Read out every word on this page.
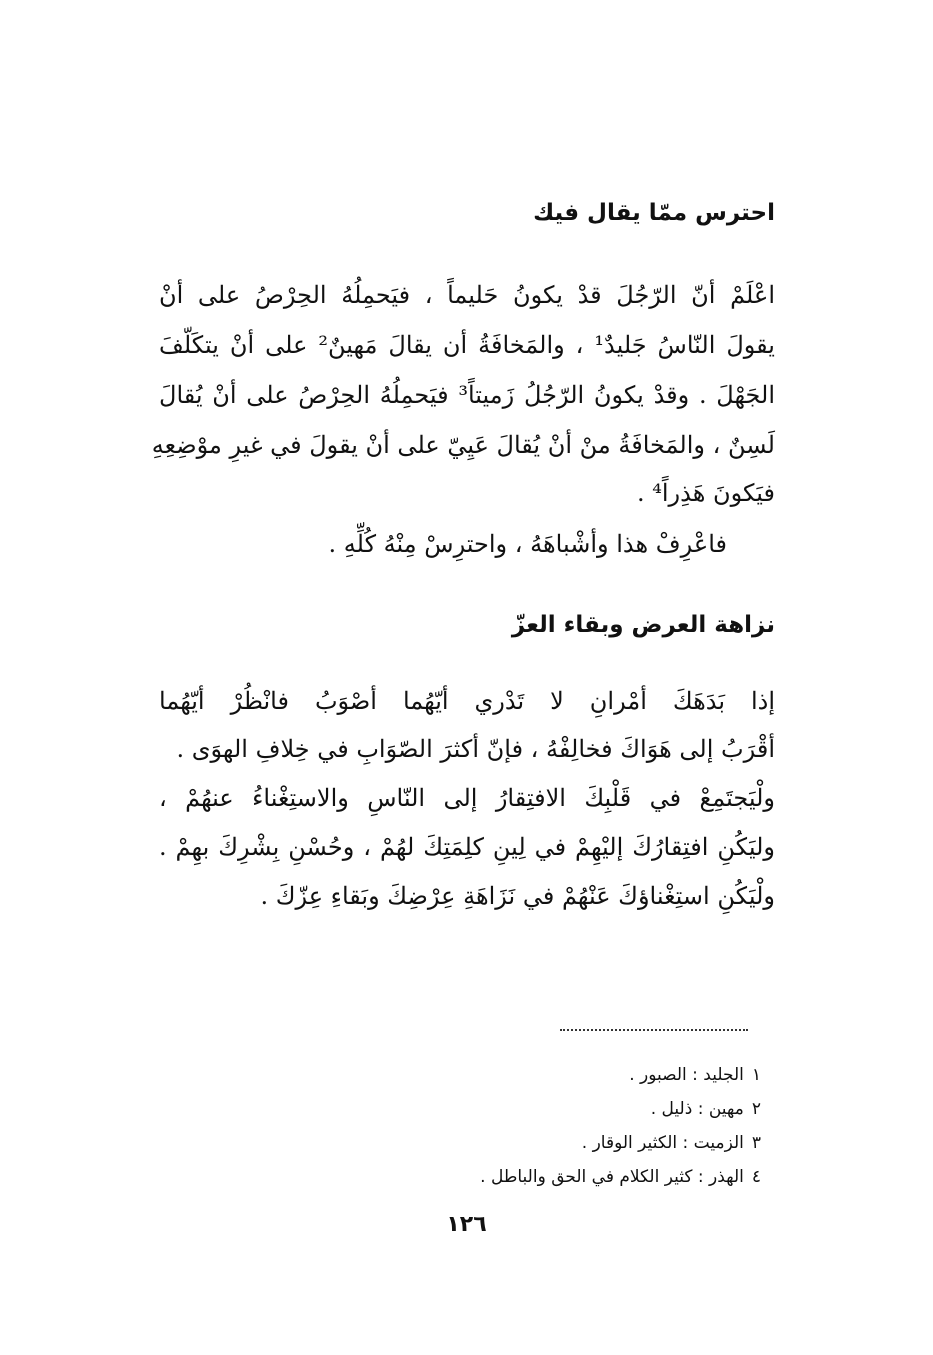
احترس ممّا يقال فيك

اعْلَمْ أنّ الرّجُلَ قدْ يكونُ حَليماً ، فيَحمِلُهُ الحِرْصُ على أنْ

يقولَ النّاسُ جَليدٌ¹ ، والمَخافَةُ أن يقالَ مَهينٌ² على أنْ يتكَلّفَ

الجَهْلَ . وقدْ يكونُ الرّجُلُ زَميتاً³ فيَحمِلُهُ الحِرْصُ على أنْ يُقالَ

لَسِنٌ ، والمَخافَةُ منْ أنْ يُقالَ عَيِيّ على أنْ يقولَ في غيرِ موْضِعِهِ

فيَكونَ هَذِراً⁴ .

فاعْرِفْ هذا وأشْباهَهُ ، واحترِسْ مِنْهُ كُلِّهِ .

نزاهة العرض وبقاء العزّ

إذا بَدَهَكَ أمْرانِ لا تَدْري أيّهُما أصْوَبُ فانْظُرْ أيّهُما

أقْرَبُ إلى هَوَاكَ فخالِفْهُ ، فإنّ أكثرَ الصّوَابِ في خِلافِ الهوَى .

ولْيَجتَمِعْ في قَلْبِكَ الافتِقارُ إلى النّاسِ والاستِغْناءُ عنهُمْ ،

وليَكُنِ افتِقارُكَ إليْهِمْ في لِينِ كلِمَتِكَ لهُمْ ، وحُسْنِ بِشْرِكَ بهِمْ .

ولْيَكُنِ استِغْناؤكَ عَنْهُمْ في نَزَاهَةِ عِرْضِكَ وبَقاءِ عِزّكَ .

١الجليد : الصبور .

٢مهين : ذليل .

٣الزميت : الكثير الوقار .

٤الهذر : كثير الكلام في الحق والباطل .

١٢٦
